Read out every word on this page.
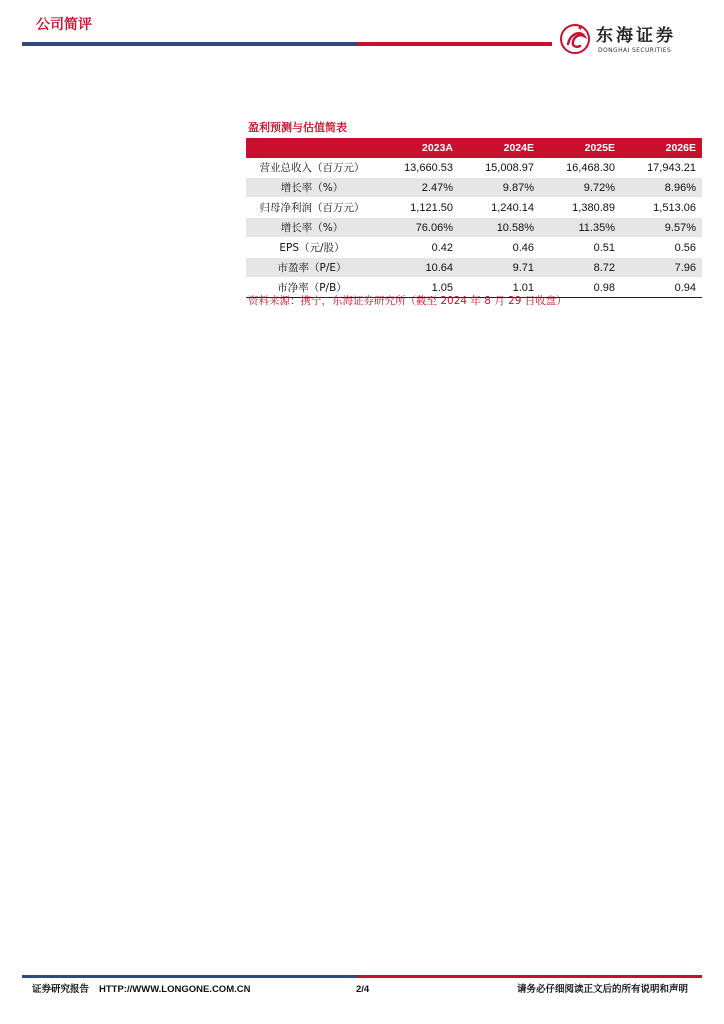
公司简评
东海证券
DONGHAI SECURITIES
盈利预测与估值简表
	2023A	2024E	2025E	2026E
营业总收入（百万元）	13,660.53	15,008.97	16,468.30	17,943.21
增长率（%）	2.47%	9.87%	9.72%	8.96%
归母净利润（百万元）	1,121.50	1,240.14	1,380.89	1,513.06
增长率（%）	76.06%	10.58%	11.35%	9.57%
EPS（元/股）	0.42	0.46	0.51	0.56
市盈率（P/E）	10.64	9.71	8.72	7.96
市净率（P/B）	1.05	1.01	0.98	0.94
资料来源：携宁，东海证券研究所（截至 2024 年 8 月 29 日收盘）
证券研究报告 HTTP://WWW.LONGONE.COM.CN	2/4	请务必仔细阅读正文后的所有说明和声明
